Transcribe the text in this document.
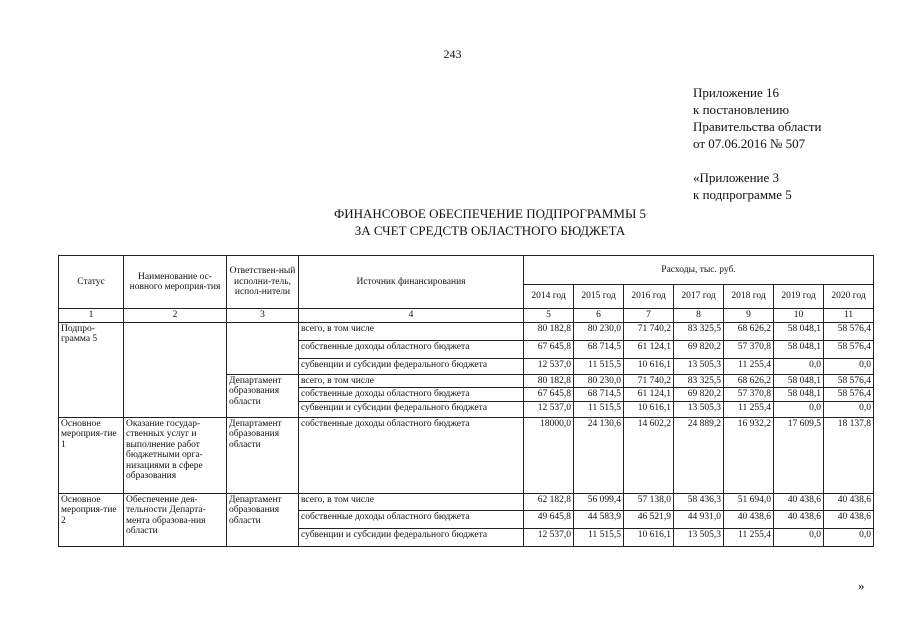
243
Приложение 16
к постановлению
Правительства области
от 07.06.2016 № 507
«Приложение 3
к подпрограмме 5
ФИНАНСОВОЕ ОБЕСПЕЧЕНИЕ ПОДПРОГРАММЫ 5
ЗА СЧЕТ СРЕДСТВ ОБЛАСТНОГО БЮДЖЕТА
Статус	Наименование ос-новного мероприя-тия	Ответствен-ный исполни-тель, испол-нители	Источник финансирования	Расходы, тыс. руб.						
				2014 год	2015 год	2016 год	2017 год	2018 год	2019 год	2020 год
1	2	3	4	5	6	7	8	9	10	11
Подпро-грамма 5			всего, в том числе	80 182,8	80 230,0	71 740,2	83 325,5	68 626,2	58 048,1	58 576,4
			собственные доходы областного бюджета	67 645,8	68 714,5	61 124,1	69 820,2	57 370,8	58 048,1	58 576,4
			субвенции и субсидии федерального бюджета	12 537,0	11 515,5	10 616,1	13 505,3	11 255,4	0,0	0,0
		Департамент образования области	всего, в том числе	80 182,8	80 230,0	71 740,2	83 325,5	68 626,2	58 048,1	58 576,4
			собственные доходы областного бюджета	67 645,8	68 714,5	61 124,1	69 820,2	57 370,8	58 048,1	58 576,4
			субвенции и субсидии федерального бюджета	12 537,0	11 515,5	10 616,1	13 505,3	11 255,4	0,0	0,0
Основное мероприя-тие 1	Оказание государ-ственных услуг и выполнение работ бюджетными орга-низациями в сфере образования	Департамент образования области	собственные доходы областного бюджета	18000,0	24 130,6	14 602,2	24 889,2	16 932,2	17 609,5	18 137,8
Основное мероприя-тие 2	Обеспечение дея-тельности Департа-мента образова-ния области	Департамент образования области	всего, в том числе	62 182,8	56 099,4	57 138,0	58 436,3	51 694,0	40 438,6	40 438,6
			собственные доходы областного бюджета	49 645,8	44 583,9	46 521,9	44 931,0	40 438,6	40 438,6	40 438,6
			субвенции и субсидии федерального бюджета	12 537,0	11 515,5	10 616,1	13 505,3	11 255,4	0,0	0,0
»
